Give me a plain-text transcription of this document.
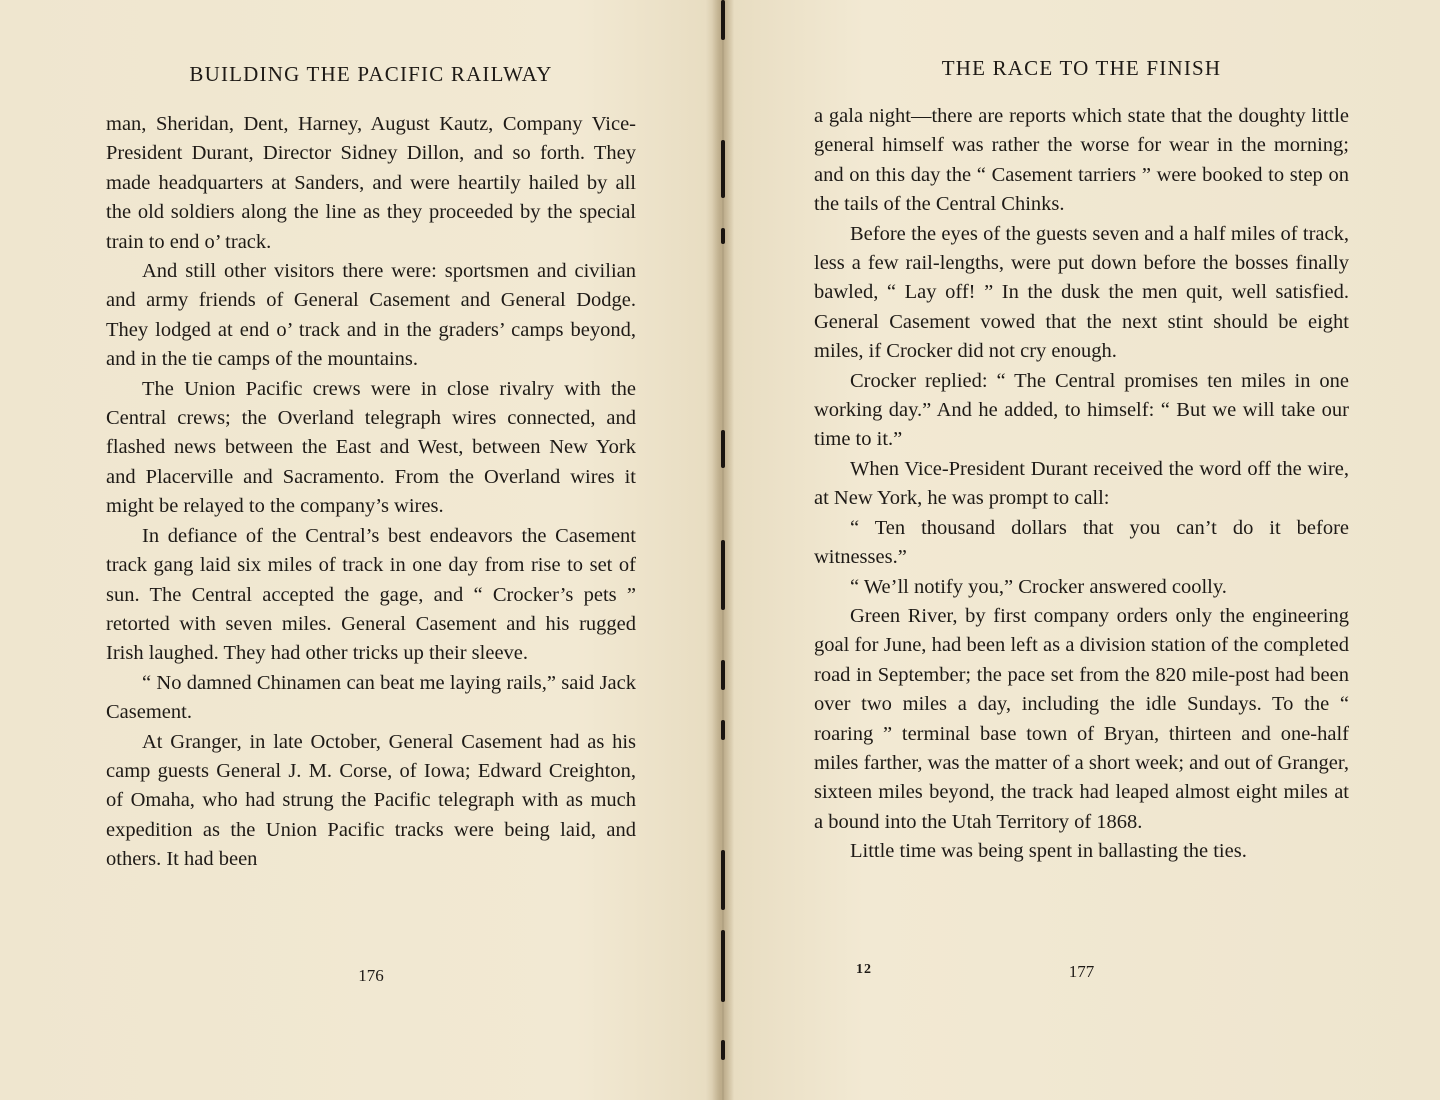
BUILDING THE PACIFIC RAILWAY

man, Sheridan, Dent, Harney, August Kautz, Company Vice-President Durant, Director Sidney Dillon, and so forth. They made headquarters at Sanders, and were heartily hailed by all the old soldiers along the line as they proceeded by the special train to end o’ track.

And still other visitors there were: sportsmen and civilian and army friends of General Casement and General Dodge. They lodged at end o’ track and in the graders’ camps beyond, and in the tie camps of the mountains.

The Union Pacific crews were in close rivalry with the Central crews; the Overland telegraph wires connected, and flashed news between the East and West, between New York and Placerville and Sacramento. From the Overland wires it might be relayed to the company’s wires.

In defiance of the Central’s best endeavors the Casement track gang laid six miles of track in one day from rise to set of sun. The Central accepted the gage, and “ Crocker’s pets ” retorted with seven miles. General Casement and his rugged Irish laughed. They had other tricks up their sleeve.

“ No damned Chinamen can beat me laying rails,” said Jack Casement.

At Granger, in late October, General Casement had as his camp guests General J. M. Corse, of Iowa; Edward Creighton, of Omaha, who had strung the Pacific telegraph with as much expedition as the Union Pacific tracks were being laid, and others. It had been

176
THE RACE TO THE FINISH

a gala night—there are reports which state that the doughty little general himself was rather the worse for wear in the morning; and on this day the “ Casement tarriers ” were booked to step on the tails of the Central Chinks.

Before the eyes of the guests seven and a half miles of track, less a few rail-lengths, were put down before the bosses finally bawled, “ Lay off! ” In the dusk the men quit, well satisfied. General Casement vowed that the next stint should be eight miles, if Crocker did not cry enough.

Crocker replied: “ The Central promises ten miles in one working day.” And he added, to himself: “ But we will take our time to it.”

When Vice-President Durant received the word off the wire, at New York, he was prompt to call:

“ Ten thousand dollars that you can’t do it before witnesses.”

“ We’ll notify you,” Crocker answered coolly.

Green River, by first company orders only the engineering goal for June, had been left as a division station of the completed road in September; the pace set from the 820 mile-post had been over two miles a day, including the idle Sundays. To the “ roaring ” terminal base town of Bryan, thirteen and one-half miles farther, was the matter of a short week; and out of Granger, sixteen miles beyond, the track had leaped almost eight miles at a bound into the Utah Territory of 1868.

Little time was being spent in ballasting the ties.

12	177
